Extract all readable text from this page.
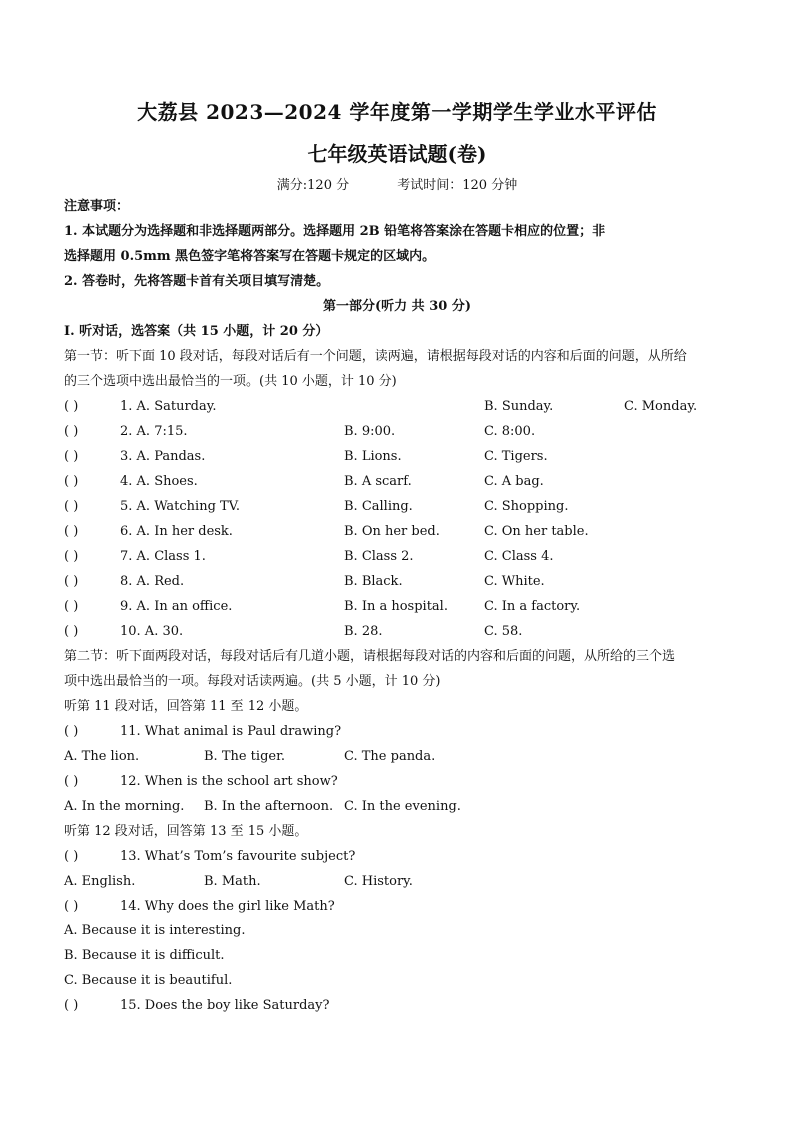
大荔县 2023—2024 学年度第一学期学生学业水平评估
七年级英语试题(卷)
满分:120 分	考试时间：120 分钟
注意事项：
1. 本试题分为选择题和非选择题两部分。选择题用 2B 铅笔将答案涂在答题卡相应的位置；非
选择题用 0.5mm 黑色签字笔将答案写在答题卡规定的区域内。
2. 答卷时，先将答题卡首有关项目填写清楚。
第一部分(听力 共 30 分)
Ⅰ. 听对话，选答案（共 15 小题，计 20 分）
第一节：听下面 10 段对话，每段对话后有一个问题，读两遍，请根据每段对话的内容和后面的问题，从所给
的三个选项中选出最恰当的一项。(共 10 小题，计 10 分)
( )	1. A. Saturday.	B. Sunday.	C. Monday.
( )	2. A. 7:15.	B. 9:00.	C. 8:00.
( )	3. A. Pandas.	B. Lions.	C. Tigers.
( )	4. A. Shoes.	B. A scarf.	C. A bag.
( )	5. A. Watching TV.	B. Calling.	C. Shopping.
( )	6. A. In her desk.	B. On her bed.	C. On her table.
( )	7. A. Class 1.	B. Class 2.	C. Class 4.
( )	8. A. Red.	B. Black.	C. White.
( )	9. A. In an office.	B. In a hospital.	C. In a factory.
( )	10. A. 30.	B. 28.	C. 58.
第二节：听下面两段对话，每段对话后有几道小题，请根据每段对话的内容和后面的问题，从所给的三个选
项中选出最恰当的一项。每段对话读两遍。(共 5 小题，计 10 分)
听第 11 段对话，回答第 11 至 12 小题。
( )	11. What animal is Paul drawing?
A. The lion.	B. The tiger.	C. The panda.
( )	12. When is the school art show?
A. In the morning. B. In the afternoon. C. In the evening.
听第 12 段对话，回答第 13 至 15 小题。
( )	13. What’s Tom’s favourite subject?
A. English.	B. Math.	C. History.
( )	14. Why does the girl like Math?
A. Because it is interesting.
B. Because it is difficult.
C. Because it is beautiful.
( )	15. Does the boy like Saturday?
